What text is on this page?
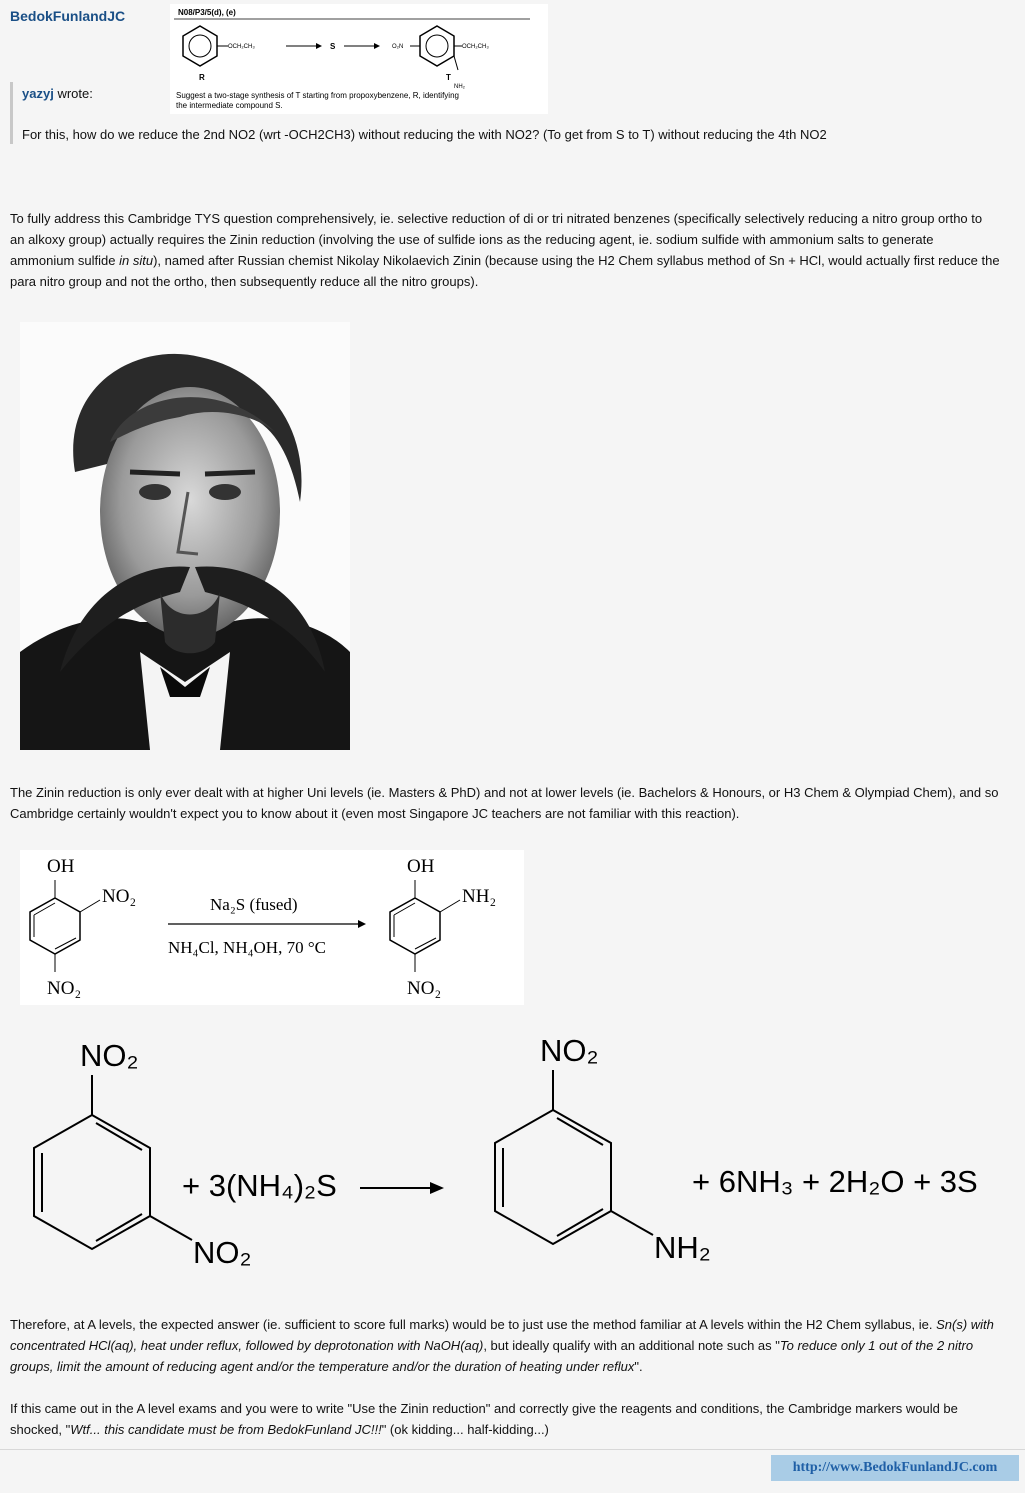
BedokFunlandJC	N08/P3/5(d), (e)
OCH₂CH₃	S	O₂N	OCH₂CH₃
R	T
NH₂
Suggest a two-stage synthesis of T starting from propoxybenzene, R, identifying
the intermediate compound S.
yazyj wrote:
For this, how do we reduce the 2nd NO2 (wrt -OCH2CH3) without reducing the with NO2? (To get from S to T) without reducing the 4th NO2
To fully address this Cambridge TYS question comprehensively, ie. selective reduction of di or tri nitrated benzenes (specifically selectively reducing a nitro group ortho to an alkoxy group) actually requires the Zinin reduction (involving the use of sulfide ions as the reducing agent, ie. sodium sulfide with ammonium salts to generate ammonium sulfide in situ), named after Russian chemist Nikolay Nikolaevich Zinin (because using the H2 Chem syllabus method of Sn + HCl, would actually first reduce the para nitro group and not the ortho, then subsequently reduce all the nitro groups).
The Zinin reduction is only ever dealt with at higher Uni levels (ie. Masters & PhD) and not at lower levels (ie. Bachelors & Honours, or H3 Chem & Olympiad Chem), and so Cambridge certainly wouldn't expect you to know about it (even most Singapore JC teachers are not familiar with this reaction).
OH
NO₂
NO₂
Na₂S (fused)
NH₄Cl, NH₄OH, 70 °C
OH
NH₂
NO₂
NO₂
NO₂
+ 3(NH₄)₂S
NO₂
NH₂
+ 6NH₃ + 2H₂O + 3S
Therefore, at A levels, the expected answer (ie. sufficient to score full marks) would be to just use the method familiar at A levels within the H2 Chem syllabus, ie. Sn(s) with concentrated HCl(aq), heat under reflux, followed by deprotonation with NaOH(aq), but ideally qualify with an additional note such as "To reduce only 1 out of the 2 nitro groups, limit the amount of reducing agent and/or the temperature and/or the duration of heating under reflux".
If this came out in the A level exams and you were to write "Use the Zinin reduction" and correctly give the reagents and conditions, the Cambridge markers would be shocked, "Wtf... this candidate must be from BedokFunland JC!!!" (ok kidding... half-kidding...)
http://www.BedokFunlandJC.com
